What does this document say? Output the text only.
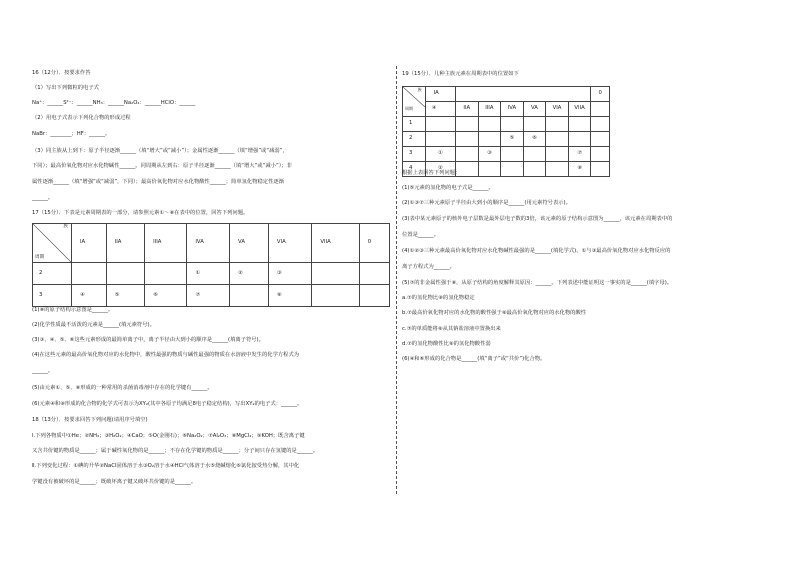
16（12分）．按要求作答
（1）写出下列微粒的电子式
Na⁺：______S²⁻：______NH₃：______Na₂O₂：______HClO：______
（2）用电子式表示下列化合物的形成过程
NaBr：________；HF：______。
（3）同主族从上到下：原子半径逐渐______（填“增大”或“减小”）；金属性逐渐______（填“增强”或“减弱”，
下同）；最高价氧化物对应水化物碱性______。同周期从左到右：原子半径逐渐______（填“增大”或“减小”）；非
属性逐渐______（填“增强”或“减弱”，下同）；最高价氧化物对应水化物酸性______；简单氢化物稳定性逐渐
______。
17（15分）．下表是元素周期表的一部分，请参照元素①～⑧在表中的位置，回答下列问题。
族
周期	IA	IIA	IIIA	IVA	VA	VIA	VIIA	0
2				①	②	③		
3	④	⑤	⑥	⑦		⑧		
(1)⑧的原子结构示意图是______。
(2)化学性质最不活泼的元素是______(填元素符号)。
(3)③、④、⑤、⑥这些元素形成的最简单离子中，离子半径由大到小的顺序是______(填离子符号)。
(4)在这些元素的最高价氧化物对应的水化物中，酸性最强的物质与碱性最强的物质在水溶液中发生的化学方程式为
______。
(5)由元素①、⑤、⑧形成的一种常用的杀菌消毒剂中存在的化学键有______。
(6)元素④和⑧形成的化合物的化学式可表示为XY₂(其中各原子均满足8电子稳定结构)，写出XY₂的电子式：______。
18（13分）．按要求回答下列问题(请用序号填空)
Ⅰ.下列各物质中①He；②NH₃；③H₂O₂；④CaO；⑤O(金刚石)；⑥Na₂O₂；⑦Al₂O₃；⑧MgCl₂；⑨KOH；既含离子键
又含共价键的物质是______；属于碱性氧化物的是______；不存在化学键的物质是______；分子间只存在氢键的是______。
Ⅱ.下列变化过程：①碘的升华②NaCl固体溶于水③O₂溶于水④HCl气体溶于水⑤烧碱熔化⑥氯化铵受热分解，其中化
学键没有被破坏的是______；既破坏离子键又破坏共价键的是______。
19（15分）．几种主族元素在周期表中的位置如下
族
周期	IA							0
	④	IIA	IIIA	IVA	VA	VIA	VIIA	
1								
2				⑤	⑥			
3	①		③				⑦	
4	②						⑧	
根据上表回答下列问题：
(1)⑤元素的氢化物的电子式是______。
(2)①③⑦三种元素原子半径由大到小的顺序是______(用元素符号表示)。
(3)表中某元素原子的核外电子层数是最外层电子数的3倍，该元素的原子结构示意图为______，该元素在周期表中的
位置是______。
(4)①②③三种元素最高价氧化物对应水化物碱性最强的是______(填化学式)，①与③最高价氧化物对应水化物反应的
离子方程式为______。
(5)⑦的非金属性强于⑧，从原子结构的角度解释其原因：______。下列表述中能证明这一事实的是______(填字母)。
a.⑦的氢化物比⑧的氢化物稳定
b.⑦最高价氧化物对应的水化物的酸性强于⑧最高价氧化物对应的水化物的酸性
c.⑦的单质能将⑧从其钠盐溶液中置换出来
d.⑦的氢化物酸性比⑧的氢化物酸性弱
(6)④和⑥形成的化合物是______(填“离子”或“共价”)化合物。
